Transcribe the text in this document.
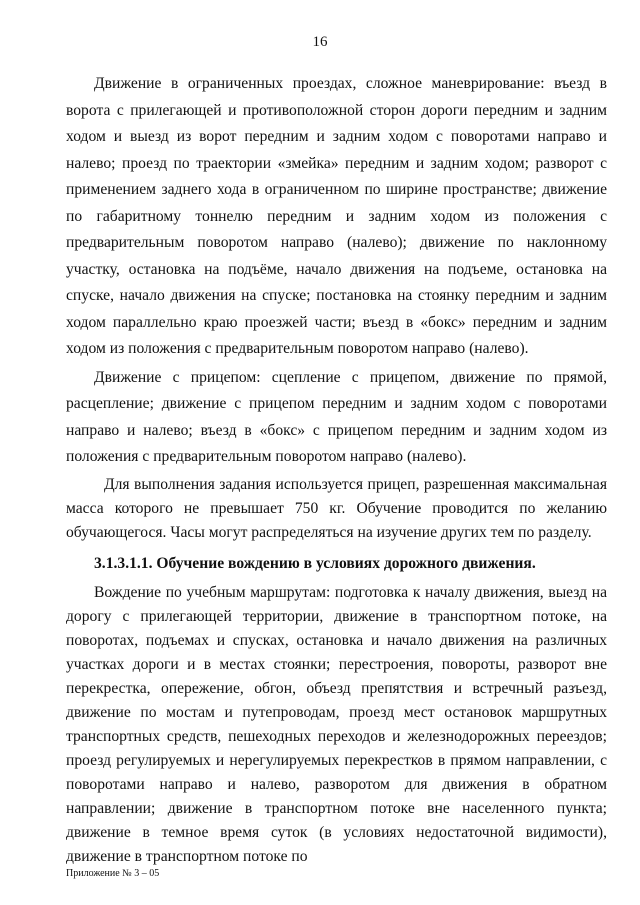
16

Движение в ограниченных проездах, сложное маневрирование: въезд в ворота с прилегающей и противоположной сторон дороги передним и задним ходом и выезд из ворот передним и задним ходом с поворотами направо и налево; проезд по траектории «змейка» передним и задним ходом; разворот с применением заднего хода в ограниченном по ширине пространстве; движение по габаритному тоннелю передним и задним ходом из положения с предварительным поворотом направо (налево); движение по наклонному участку, остановка на подъёме, начало движения на подъеме, остановка на спуске, начало движения на спуске; постановка на стоянку передним и задним ходом параллельно краю проезжей части; въезд в «бокс» передним и задним ходом из положения с предварительным поворотом направо (налево).

Движение с прицепом: сцепление с прицепом, движение по прямой, расцепление; движение с прицепом передним и задним ходом с поворотами направо и налево; въезд в «бокс» с прицепом передним и задним ходом из положения с предварительным поворотом направо (налево).

Для выполнения задания используется прицеп, разрешенная максимальная масса которого не превышает 750 кг. Обучение проводится по желанию обучающегося. Часы могут распределяться на изучение других тем по разделу.

3.1.3.1.1. Обучение вождению в условиях дорожного движения.

Вождение по учебным маршрутам: подготовка к началу движения, выезд на дорогу с прилегающей территории, движение в транспортном потоке, на поворотах, подъемах и спусках, остановка и начало движения на различных участках дороги и в местах стоянки; перестроения, повороты, разворот вне перекрестка, опережение, обгон, объезд препятствия и встречный разъезд, движение по мостам и путепроводам, проезд мест остановок маршрутных транспортных средств, пешеходных переходов и железнодорожных переездов; проезд регулируемых и нерегулируемых перекрестков в прямом направлении, с поворотами направо и налево, разворотом для движения в обратном направлении; движение в транспортном потоке вне населенного пункта; движение в темное время суток (в условиях недостаточной видимости), движение в транспортном потоке по

Приложение № 3 – 05
